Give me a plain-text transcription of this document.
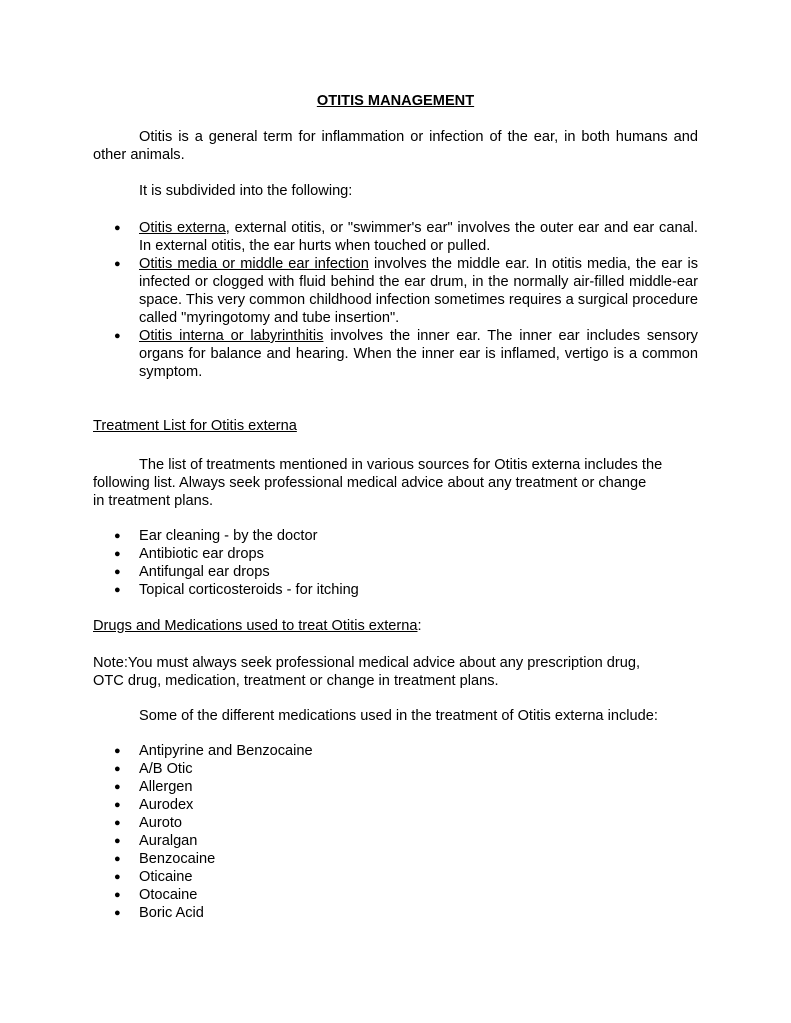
OTITIS MANAGEMENT
Otitis is a general term for inflammation or infection of the ear, in both humans and other animals.
It is subdivided into the following:
● Otitis externa, external otitis, or "swimmer's ear" involves the outer ear and ear canal. In external otitis, the ear hurts when touched or pulled.
● Otitis media or middle ear infection involves the middle ear. In otitis media, the ear is infected or clogged with fluid behind the ear drum, in the normally air-filled middle-ear space. This very common childhood infection sometimes requires a surgical procedure called "myringotomy and tube insertion".
● Otitis interna or labyrinthitis involves the inner ear. The inner ear includes sensory organs for balance and hearing. When the inner ear is inflamed, vertigo is a common symptom.
Treatment List for Otitis externa
The list of treatments mentioned in various sources for Otitis externa includes the
following list. Always seek professional medical advice about any treatment or change
in treatment plans.
● Ear cleaning - by the doctor
● Antibiotic ear drops
● Antifungal ear drops
● Topical corticosteroids - for itching
Drugs and Medications used to treat Otitis externa:
Note:You must always seek professional medical advice about any prescription drug,
OTC drug, medication, treatment or change in treatment plans.
Some of the different medications used in the treatment of Otitis externa include:
● Antipyrine and Benzocaine
● A/B Otic
● Allergen
● Aurodex
● Auroto
● Auralgan
● Benzocaine
● Oticaine
● Otocaine
● Boric Acid
